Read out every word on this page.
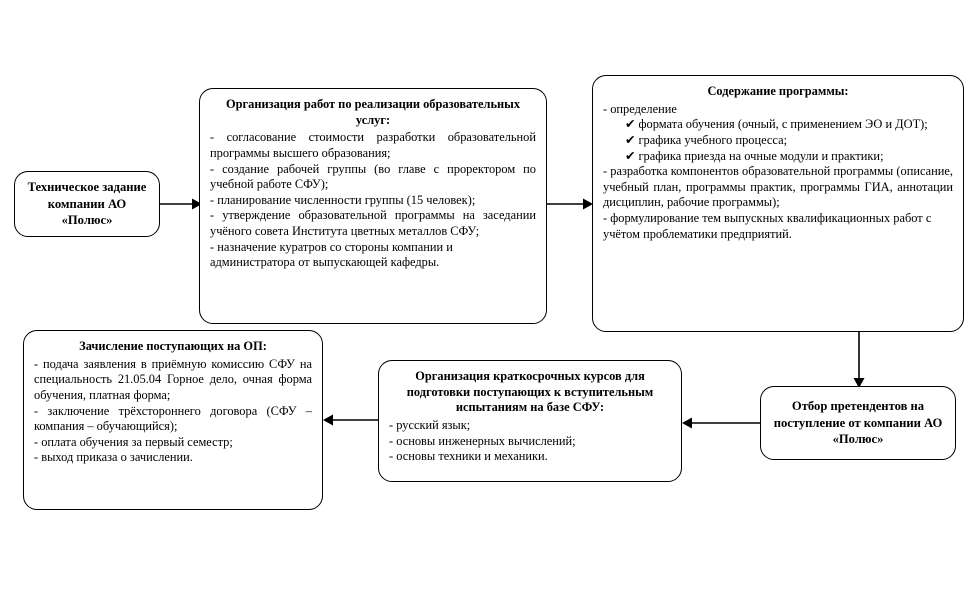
Техническое задание компании АО «Полюс»
Организация работ по реализации образовательных услуг:
- согласование стоимости разработки образовательной программы высшего образования;
- создание рабочей группы (во главе с проректором по учебной работе СФУ);
- планирование численности группы (15 человек);
- утверждение образовательной программы на заседании учёного совета Института цветных металлов СФУ;
- назначение куратров со стороны компании и администратора от выпускающей кафедры.
Содержание программы:
- определение
✔ формата обучения (очный, с применением ЭО и ДОТ);
✔ графика учебного процесса;
✔ графика приезда на очные модули и практики;
- разработка компонентов образовательной программы (описание, учебный план, программы практик, программы ГИА, аннотации дисциплин, рабочие программы);
- формулирование тем выпускных квалификационных работ с учётом проблематики предприятий.
Отбор претендентов на поступление от компании АО «Полюс»
Организация краткосрочных курсов для подготовки поступающих к вступительным испытаниям на базе СФУ:
- русский язык;
- основы инженерных вычислений;
- основы техники и механики.
Зачисление поступающих на ОП:
- подача заявления в приёмную комиссию СФУ на специальность 21.05.04 Горное дело, очная форма обучения, платная форма;
- заключение трёхстороннего договора (СФУ – компания – обучающийся);
- оплата обучения за первый семестр;
- выход приказа о зачислении.
